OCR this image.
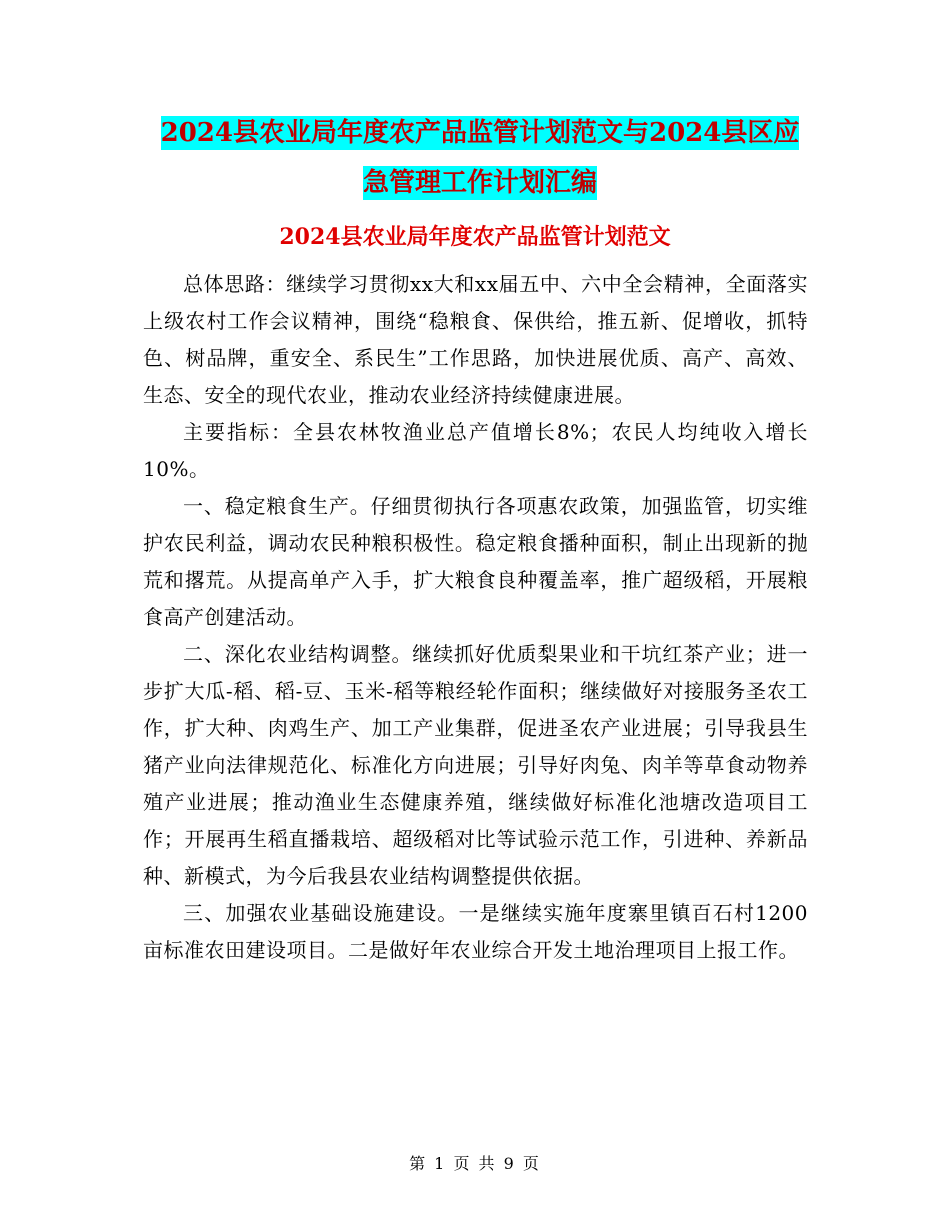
2024县农业局年度农产品监管计划范文与2024县区应
急管理工作计划汇编
2024县农业局年度农产品监管计划范文

总体思路：继续学习贯彻xx大和xx届五中、六中全会精神，全面落实上级农村工作会议精神，围绕“稳粮食、保供给，推五新、促增收，抓特色、树品牌，重安全、系民生”工作思路，加快进展优质、高产、高效、生态、安全的现代农业，推动农业经济持续健康进展。

主要指标：全县农林牧渔业总产值增长8%；农民人均纯收入增长10%。

一、稳定粮食生产。仔细贯彻执行各项惠农政策，加强监管，切实维护农民利益，调动农民种粮积极性。稳定粮食播种面积，制止出现新的抛荒和撂荒。从提高单产入手，扩大粮食良种覆盖率，推广超级稻，开展粮食高产创建活动。

二、深化农业结构调整。继续抓好优质梨果业和干坑红茶产业；进一步扩大瓜-稻、稻-豆、玉米-稻等粮经轮作面积；继续做好对接服务圣农工作，扩大种、肉鸡生产、加工产业集群，促进圣农产业进展；引导我县生猪产业向法律规范化、标准化方向进展；引导好肉兔、肉羊等草食动物养殖产业进展；推动渔业生态健康养殖，继续做好标准化池塘改造项目工作；开展再生稻直播栽培、超级稻对比等试验示范工作，引进种、养新品种、新模式，为今后我县农业结构调整提供依据。

三、加强农业基础设施建设。一是继续实施年度寨里镇百石村1200亩标准农田建设项目。二是做好年农业综合开发土地治理项目上报工作。

第 1 页 共 9 页
